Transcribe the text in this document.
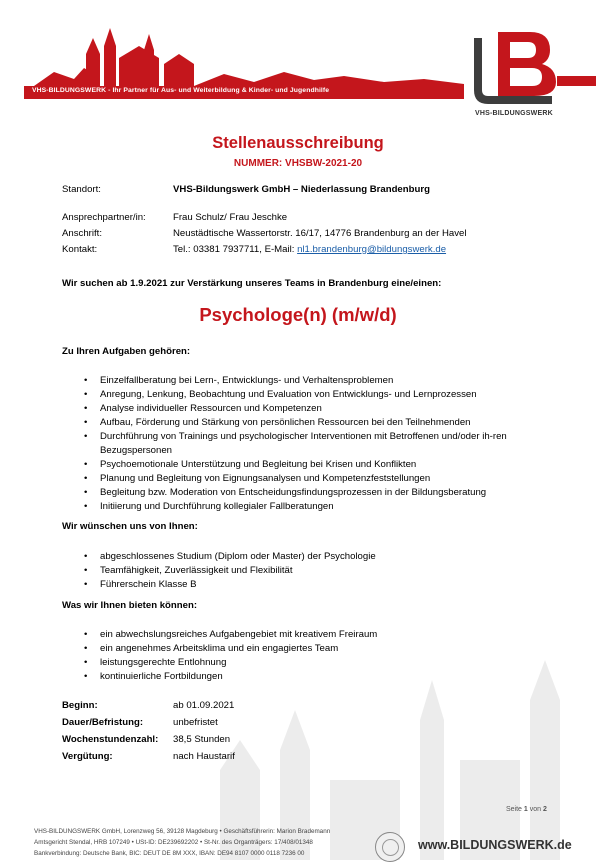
VHS-BILDUNGSWERK - Ihr Partner für Aus- und Weiterbildung & Kinder- und Jugendhilfe
VHS-BILDUNGSWERK
Stellenausschreibung
NUMMER: VHSBW-2021-20
Standort:	VHS-Bildungswerk GmbH – Niederlassung Brandenburg
Ansprechpartner/in:	Frau Schulz/ Frau Jeschke
Anschrift:	Neustädtische Wassertorstr. 16/17, 14776 Brandenburg an der Havel
Kontakt:	Tel.: 03381 7937711, E-Mail: nl1.brandenburg@bildungswerk.de
Wir suchen ab 1.9.2021 zur Verstärkung unseres Teams in Brandenburg eine/einen:
Psychologe(n) (m/w/d)
Zu Ihren Aufgaben gehören:
• Einzelfallberatung bei Lern-, Entwicklungs- und Verhaltensproblemen
• Anregung, Lenkung, Beobachtung und Evaluation von Entwicklungs- und Lernprozessen
• Analyse individueller Ressourcen und Kompetenzen
• Aufbau, Förderung und Stärkung von persönlichen Ressourcen bei den Teilnehmenden
• Durchführung von Trainings und psychologischer Interventionen mit Betroffenen und/oder ih-ren Bezugspersonen
• Psychoemotionale Unterstützung und Begleitung bei Krisen und Konflikten
• Planung und Begleitung von Eignungsanalysen und Kompetenzfeststellungen
• Begleitung bzw. Moderation von Entscheidungsfindungsprozessen in der Bildungsberatung
• Initiierung und Durchführung kollegialer Fallberatungen
Wir wünschen uns von Ihnen:
• abgeschlossenes Studium (Diplom oder Master) der Psychologie
• Teamfähigkeit, Zuverlässigkeit und Flexibilität
• Führerschein Klasse B
Was wir Ihnen bieten können:
• ein abwechslungsreiches Aufgabengebiet mit kreativem Freiraum
• ein angenehmes Arbeitsklima und ein engagiertes Team
• leistungsgerechte Entlohnung
• kontinuierliche Fortbildungen
Beginn:	ab 01.09.2021
Dauer/Befristung:	unbefristet
Wochenstundenzahl: 38,5 Stunden
Vergütung:	nach Haustarif
Seite 1 von 2
VHS-BILDUNGSWERK GmbH, Lorenzweg 56, 39128 Magdeburg • Geschäftsführerin: Marion Brademann
Amtsgericht Stendal, HRB 107249 • USt-ID: DE239692202 • St-Nr. des Organträgers: 17/408/01348
Bankverbindung: Deutsche Bank, BIC: DEUT DE 8M XXX, IBAN: DE94 8107 0000 0118 7236 00
www.BILDUNGSWERK.de
